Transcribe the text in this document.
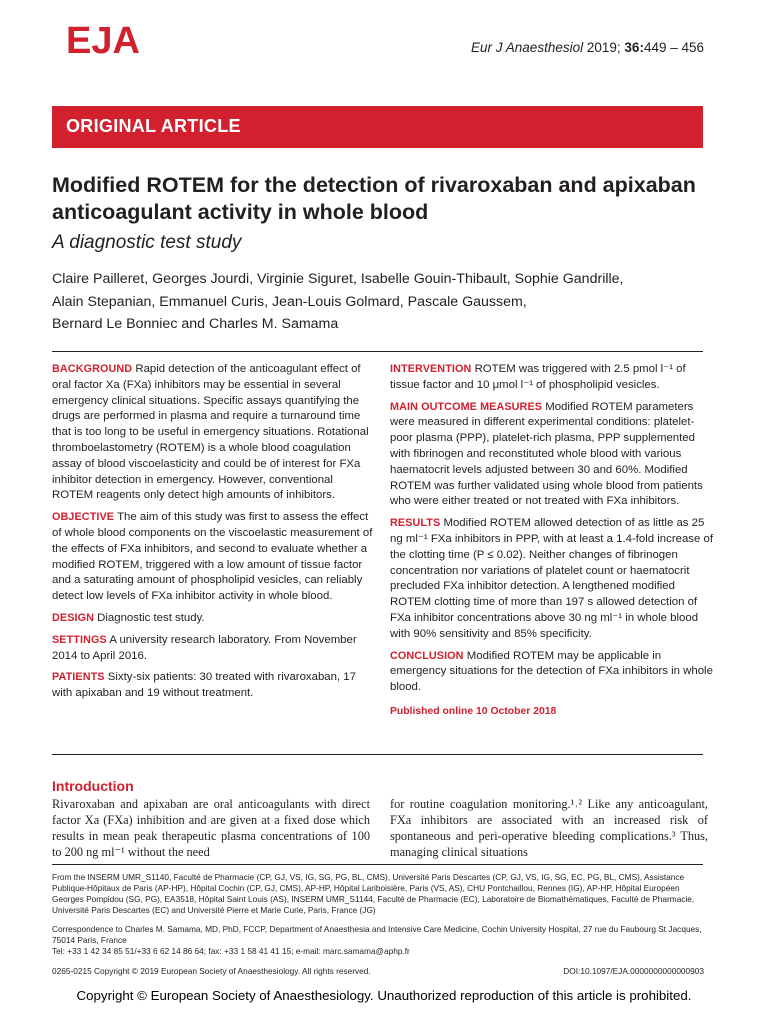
EJA	Eur J Anaesthesiol 2019; 36:449 – 456
ORIGINAL ARTICLE
Modified ROTEM for the detection of rivaroxaban and apixaban anticoagulant activity in whole blood
A diagnostic test study
Claire Pailleret, Georges Jourdi, Virginie Siguret, Isabelle Gouin-Thibault, Sophie Gandrille,
Alain Stepanian, Emmanuel Curis, Jean-Louis Golmard, Pascale Gaussem,
Bernard Le Bonniec and Charles M. Samama

BACKGROUND Rapid detection of the anticoagulant effect of oral factor Xa (FXa) inhibitors may be essential in several emergency clinical situations. Specific assays quantifying the drugs are performed in plasma and require a turnaround time that is too long to be useful in emergency situations. Rotational thromboelastometry (ROTEM) is a whole blood coagulation assay of blood viscoelasticity and could be of interest for FXa inhibitor detection in emergency. However, conventional ROTEM reagents only detect high amounts of inhibitors.

OBJECTIVE The aim of this study was first to assess the effect of whole blood components on the viscoelastic measurement of the effects of FXa inhibitors, and second to evaluate whether a modified ROTEM, triggered with a low amount of tissue factor and a saturating amount of phospholipid vesicles, can reliably detect low levels of FXa inhibitor activity in whole blood.

DESIGN Diagnostic test study.

SETTINGS A university research laboratory. From November 2014 to April 2016.

PATIENTS Sixty-six patients: 30 treated with rivaroxaban, 17 with apixaban and 19 without treatment.

INTERVENTION ROTEM was triggered with 2.5 pmol l⁻¹ of tissue factor and 10 μmol l⁻¹ of phospholipid vesicles.

MAIN OUTCOME MEASURES Modified ROTEM parameters were measured in different experimental conditions: platelet-poor plasma (PPP), platelet-rich plasma, PPP supplemented with fibrinogen and reconstituted whole blood with various haematocrit levels adjusted between 30 and 60%. Modified ROTEM was further validated using whole blood from patients who were either treated or not treated with FXa inhibitors.

RESULTS Modified ROTEM allowed detection of as little as 25 ng ml⁻¹ FXa inhibitors in PPP, with at least a 1.4-fold increase of the clotting time (P ≤ 0.02). Neither changes of fibrinogen concentration nor variations of platelet count or haematocrit precluded FXa inhibitor detection. A lengthened modified ROTEM clotting time of more than 197 s allowed detection of FXa inhibitor concentrations above 30 ng ml⁻¹ in whole blood with 90% sensitivity and 85% specificity.

CONCLUSION Modified ROTEM may be applicable in emergency situations for the detection of FXa inhibitors in whole blood.

Published online 10 October 2018
Introduction
Rivaroxaban and apixaban are oral anticoagulants with direct factor Xa (FXa) inhibition and are given at a fixed dose which results in mean peak therapeutic plasma concentrations of 100 to 200 ng ml⁻¹ without the need
for routine coagulation monitoring.¹˒² Like any anticoagulant, FXa inhibitors are associated with an increased risk of spontaneous and peri-operative bleeding complications.³ Thus, managing clinical situations
From the INSERM UMR_S1140, Faculté de Pharmacie (CP, GJ, VS, IG, SG, PG, BL, CMS), Université Paris Descartes (CP, GJ, VS, IG, SG, EC, PG, BL, CMS), Assistance Publique-Hôpitaux de Paris (AP-HP), Hôpital Cochin (CP, GJ, CMS), AP-HP, Hôpital Lariboisière, Paris (VS, AS), CHU Pontchaillou, Rennes (IG), AP-HP, Hôpital Européen Georges Pompidou (SG, PG), EA3518, Hôpital Saint Louis (AS), INSERM UMR_S1144, Faculté de Pharmacie (EC), Laboratoire de Biomathématiques, Faculté de Pharmacie, Université Paris Descartes (EC) and Université Pierre et Marie Curie, Paris, France (JG)
Correspondence to Charles M. Samama, MD, PhD, FCCP, Department of Anaesthesia and Intensive Care Medicine, Cochin University Hospital, 27 rue du Faubourg St Jacques, 75014 Paris, France
Tel: +33 1 42 34 85 51/+33 6 62 14 86 64; fax: +33 1 58 41 41 15; e-mail: marc.samama@aphp.fr
0265-0215 Copyright © 2019 European Society of Anaesthesiology. All rights reserved.	DOI:10.1097/EJA.0000000000000903
Copyright © European Society of Anaesthesiology. Unauthorized reproduction of this article is prohibited.
